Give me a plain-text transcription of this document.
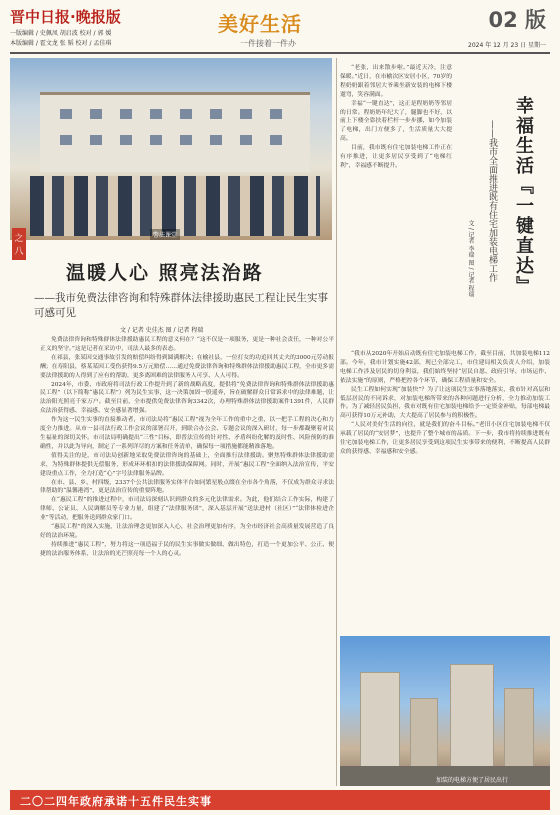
晋中日报·晚报版
一版编辑 / 史佩凤 胡启波 校对 / 郭 媛
本版编辑 / 霍文龙 张 韬 校对 / 孟佳琪
美好生活
一件接着一件办
02 版
2024 年 12 月 23 日 星期一
警法课堂
之八
温暖人心 照亮法治路
——我市免费法律咨询和特殊群体法律援助惠民工程让民生实事可感可见
文 / 记者 史佳杰 图 / 记者 程瑞

免费法律咨询和特殊群体法律援助惠民工程的意义何在？“这不仅是一项服务，更是一种社会责任，一种对公平正义的坚守。”这是记者在采访中，司法人最多的表态。

在祁县，张某因交通事故引发的赔偿纠纷得到圆满解决；在榆社县，一位打女的功追回其丈夫的3000元劳动报酬；在寿阳县，蔡某某因工受伤获得9.5万元赔偿……通过免费法律咨询和特殊群体法律援助惠民工程，全市更多需要法律援助的人得到了应有的帮助，更多离困难的法律服务人可享、人人可得。

2024年，市委、市政府将司法行政工作提升到了新的战略高度，提供将“免费法律咨询和特殊群体法律援助惠民工程”（以下简称“惠民工程”）列为民生实事，这一决策加固一股遥奔，旨在破解群众日常诉求中的法律难题，让法治阳光照亮千家万户。截至目前，全市提供免费法律咨询3342次，办理特殊群体法律援助案件1391件，人民群众法治获得感、幸福感、安全感显著增强。

作为这一民生实事的直接推动者，市司法局将“惠民工程”视为全年工作的重中之重，以一把手工程的决心和力度全力推进。从市一县司法行政工作会议的部署召开，到联合办公会、专题会议的深入研讨，每一步都凝聚着对民生福祉的深切关怀。市司法局明确提出“三性”目标，即普法宣传的针对性、矛盾纠纷化解的及时性、风险预防的准确性，并以此为导向，制定了一系列详尽的方案和任务清单，确保每一项措施都能精准落地。

值得关注的是，市司法局创新地采取免费法律咨询的基础上，全面推行法律援助。聚焦特殊群体法律援助需求，为特殊群体提供无偿服务，形成环环相扣的法律援助保障网。同时，开展“惠民工程”全面纳入法治宣传，平安建设重点工作，全力打造“心”字号法律服务品牌。

在市、县、乡、村四级，2337个公共法律服务实体平台如同繁星般点缀在全市各个角落，不仅成为群众寻求法律帮助的“温馨港湾”，更是法治宣传的重要阵地。

在“惠民工程”的推进过程中，市司法局深刻认识到群众的多元化法律需求。为此，他们结合工作实际，构建了律师、公证员、人民调解员等专业力量，组建了“法律服务团”，深入基层开展“送法进村（社区）”“法律体检进企业”等活动，把服务送到群众家门口。

“惠民工程”的深入实施，让法治理念更加深入人心，社会治理更加有序，为全市经济社会高质量发展营造了良好的法治环境。

持续推进“惠民工程”，努力将这一项造福于民的民生实事做实做细、做出特色，打造一个更加公平、公正、便捷的法治服务体系，让法治的光芒照亮每一个人的心灵。

“老张，出来散步啦。”最近天冷，注意保暖。”近日，在市榆次区安居小区，70岁的程奶奶跟着邻居大爷乘坐新安装的电梯下楼遛弯，笑容满面。

幸福“一键直达”，这正是程奶奶等邻居的日常。程奶奶年纪大了，腿脚也不好，以前上下楼全靠扶着栏杆一步步挪，如今加装了电梯，出门方便多了，生活质量大大提高。

目前，我市既有住宅加装电梯工作正在有序推进，让更多居民享受到了“电梯红利”，幸福感不断提升。	幸福生活『一键直达』
——我市全面推进既有住宅加装电梯工作
文 / 记者 李瑞 图 / 记者 程瑞

“我市从2020年开始启动既有住宅加装电梯工作，截至目前，共加装电梯112部。今年，我市计划实施42部，现已全部完工，市住建局相关负责人介绍，加装电梯工作涉及居民的切身利益，我们始终坚持“居民自愿、政府引导、市场运作、依法实施”的原则，严格把控各个环节，确保工程质量和安全。

民生工程如何实现“加装快”？为了让这项民生实事落地落实，我市针对高层和低层居民的不同诉求，对加装电梯所带来的各种问题进行分析，全力推动加装工作。为了减轻居民负担，我市对既有住宅加装电梯给予一定资金补贴，每部电梯最高可获得10万元补助，大大提高了居民参与的积极性。

“人民对美好生活的向往，就是我们的奋斗目标。”老旧小区住宅加装电梯不仅承载了居民的“安居梦”，也提升了整个城市的品质。下一步，我市将持续推进既有住宅加装电梯工作，让更多居民享受到这项民生实事带来的便利，不断提高人民群众的获得感、幸福感和安全感。

加装的电梯方便了居民出行
二〇二四年政府承诺十五件民生实事
